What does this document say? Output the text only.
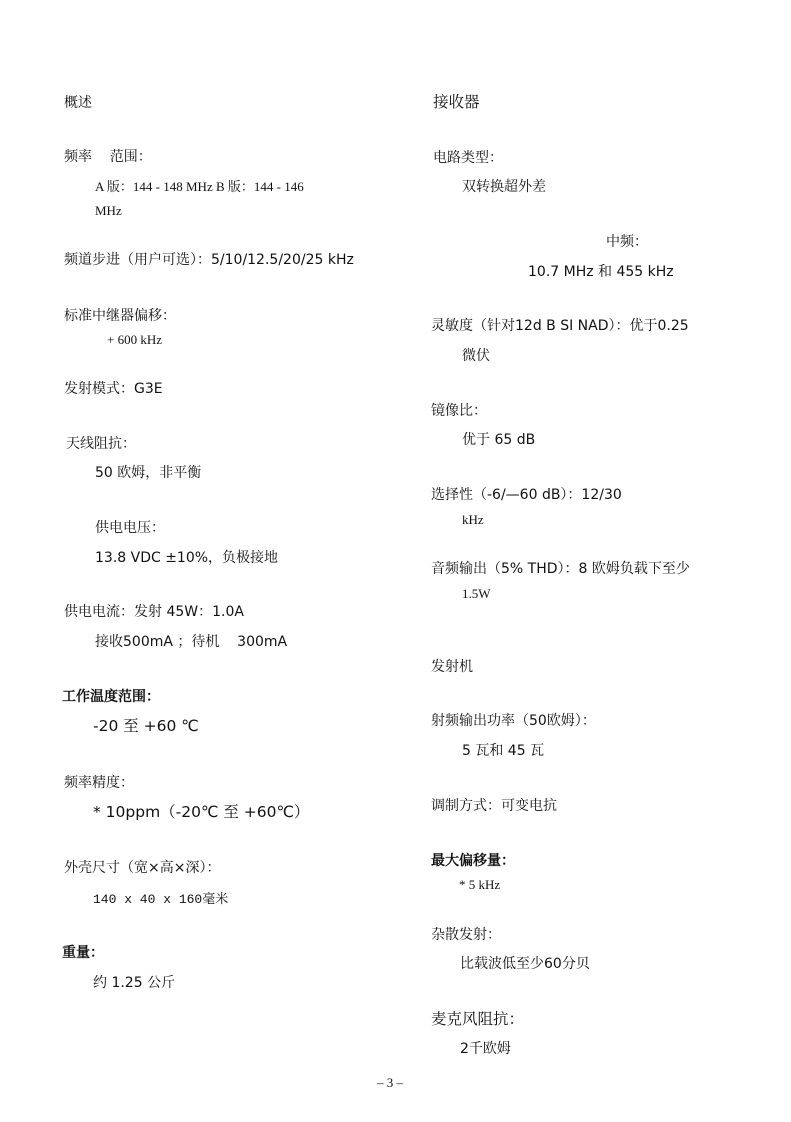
概述
频率    范围：
A 版：144 - 148 MHz B 版：144 - 146
MHz
频道步进（用户可选）：5/10/12.5/20/25 kHz
标准中继器偏移：
+ 600 kHz
发射模式：G3E
天线阻抗：
50 欧姆，非平衡
供电电压：
13.8 VDC ±10%，负极接地
供电电流：发射 45W：1.0A
接收500mA ；待机    300mA
工作温度范围：
-20 至 +60 ℃
频率精度：
* 10ppm（-20℃ 至 +60℃）
外壳尺寸（宽×高×深）：
140 x 40 x 160毫米
重量：
约 1.25 公斤
接收器
电路类型：
双转换超外差
中频：
10.7 MHz 和 455 kHz
灵敏度（针对12d B SI NAD）：优于0.25
微伏
镜像比：
优于 65 dB
选择性（-6/—60 dB）：12/30
kHz
音频输出（5% THD）：8 欧姆负载下至少
1.5W
发射机
射频输出功率（50欧姆）：
5 瓦和 45 瓦
调制方式：可变电抗
最大偏移量：
* 5 kHz
杂散发射：
比载波低至少60分贝
麦克风阻抗：
2千欧姆
– 3 –
